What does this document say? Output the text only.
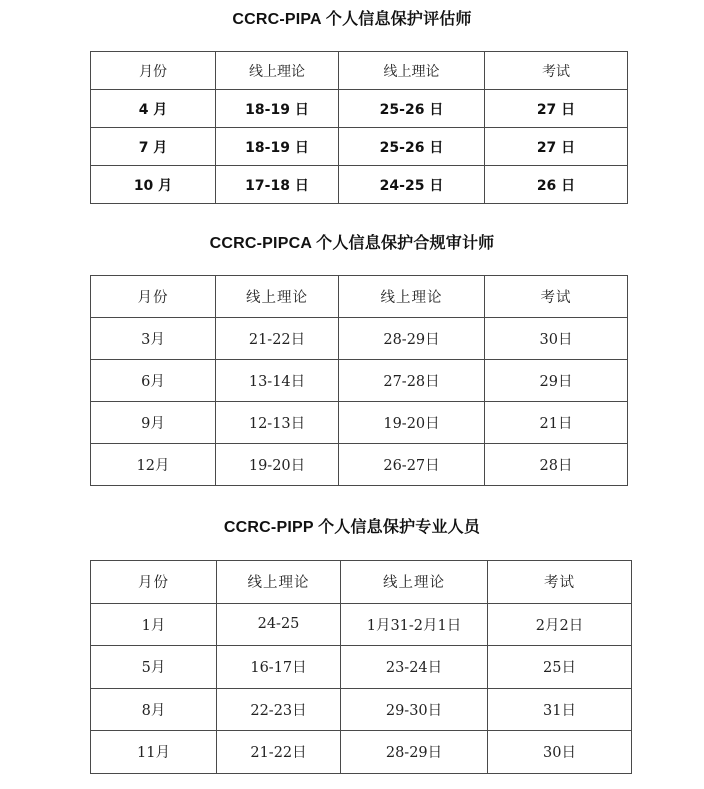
CCRC-PIPA 个人信息保护评估师
月份	线上理论	线上理论	考试
4 月	18-19 日	25-26 日	27 日
7 月	18-19 日	25-26 日	27 日
10 月	17-18 日	24-25 日	26 日
CCRC-PIPCA 个人信息保护合规审计师
月份	线上理论	线上理论	考试
3月	21-22日	28-29日	30日
6月	13-14日	27-28日	29日
9月	12-13日	19-20日	21日
12月	19-20日	26-27日	28日
CCRC-PIPP 个人信息保护专业人员
月份	线上理论	线上理论	考试
1月	24-25	1月31-2月1日	2月2日
5月	16-17日	23-24日	25日
8月	22-23日	29-30日	31日
11月	21-22日	28-29日	30日
